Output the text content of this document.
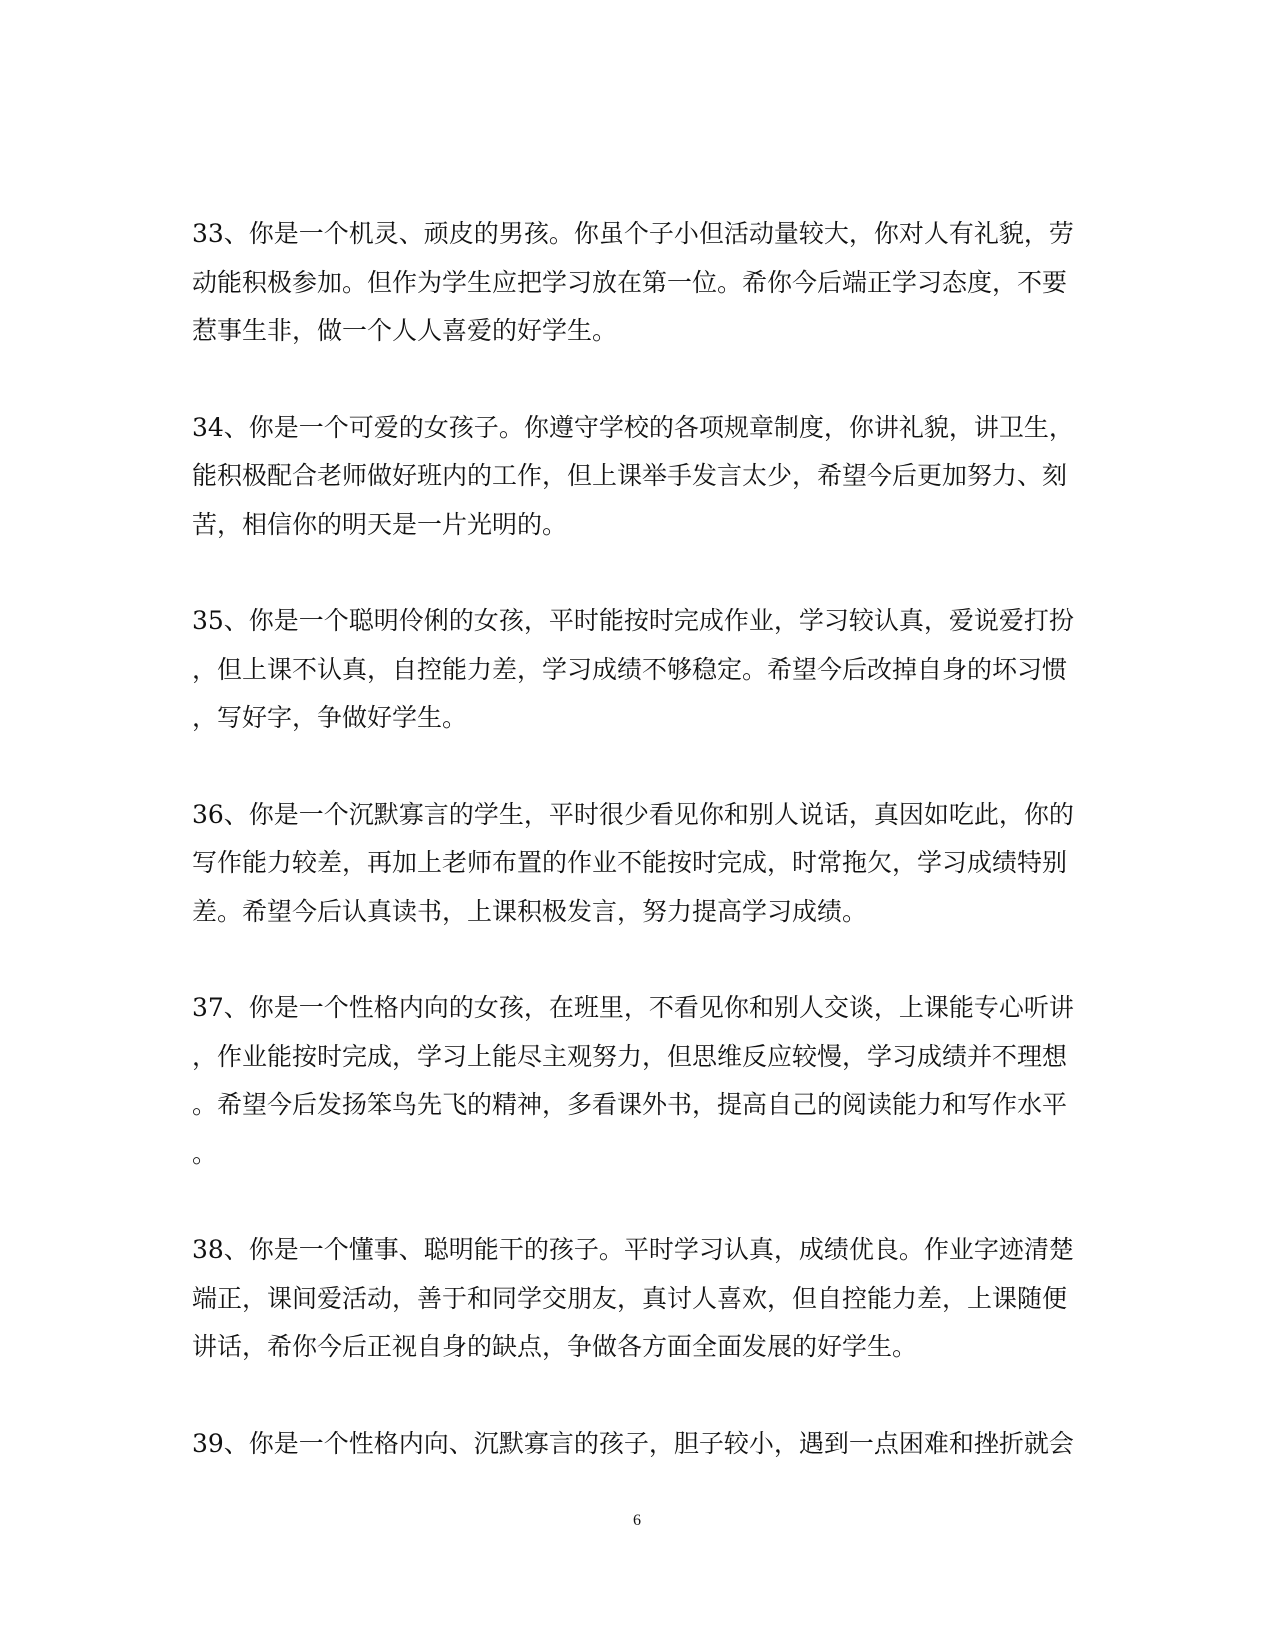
33、你是一个机灵、顽皮的男孩。你虽个子小但活动量较大，你对人有礼貌，劳
动能积极参加。但作为学生应把学习放在第一位。希你今后端正学习态度，不要
惹事生非，做一个人人喜爱的好学生。

34、你是一个可爱的女孩子。你遵守学校的各项规章制度，你讲礼貌，讲卫生，
能积极配合老师做好班内的工作，但上课举手发言太少，希望今后更加努力、刻
苦，相信你的明天是一片光明的。

35、你是一个聪明伶俐的女孩，平时能按时完成作业，学习较认真，爱说爱打扮
，但上课不认真，自控能力差，学习成绩不够稳定。希望今后改掉自身的坏习惯
，写好字，争做好学生。

36、你是一个沉默寡言的学生，平时很少看见你和别人说话，真因如吃此，你的
写作能力较差，再加上老师布置的作业不能按时完成，时常拖欠，学习成绩特别
差。希望今后认真读书，上课积极发言，努力提高学习成绩。

37、你是一个性格内向的女孩，在班里，不看见你和别人交谈，上课能专心听讲
，作业能按时完成，学习上能尽主观努力，但思维反应较慢，学习成绩并不理想
。希望今后发扬笨鸟先飞的精神，多看课外书，提高自己的阅读能力和写作水平
。

38、你是一个懂事、聪明能干的孩子。平时学习认真，成绩优良。作业字迹清楚
端正，课间爱活动，善于和同学交朋友，真讨人喜欢，但自控能力差，上课随便
讲话，希你今后正视自身的缺点，争做各方面全面发展的好学生。

39、你是一个性格内向、沉默寡言的孩子，胆子较小，遇到一点困难和挫折就会

6
